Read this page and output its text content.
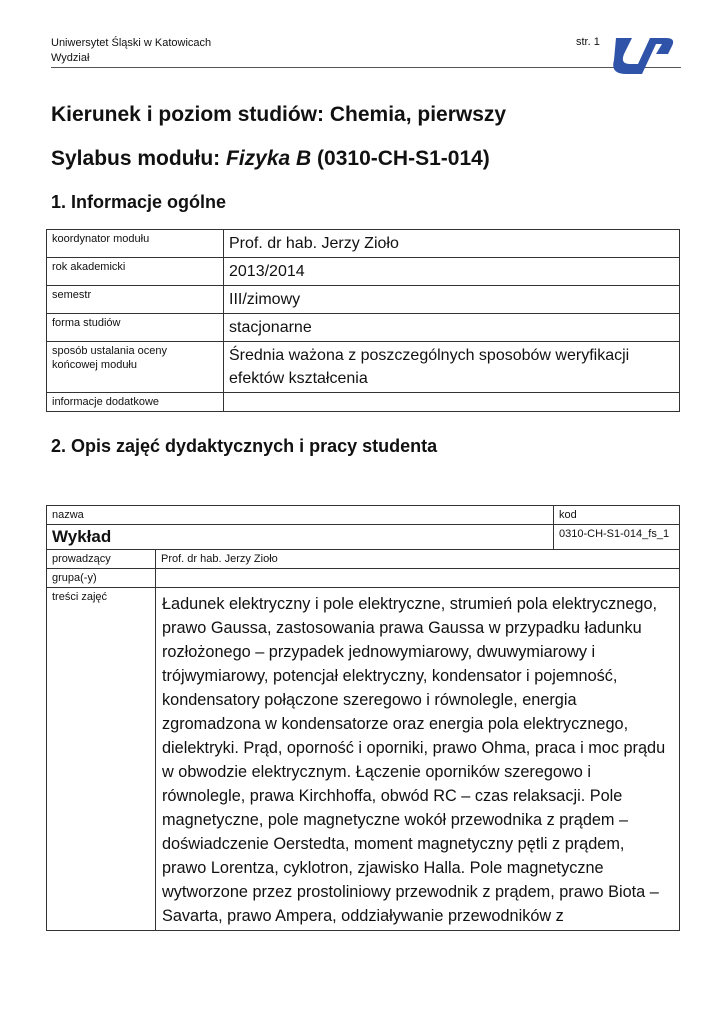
Uniwersytet Śląski w Katowicach
Wydział
str. 1
Kierunek i poziom studiów: Chemia, pierwszy
Sylabus modułu: Fizyka B (0310-CH-S1-014)
1. Informacje ogólne
koordynator modułu	Prof. dr hab. Jerzy Zioło
rok akademicki	2013/2014
semestr	III/zimowy
forma studiów	stacjonarne
sposób ustalania oceny końcowej modułu	Średnia ważona z poszczególnych sposobów weryfikacji efektów kształcenia
informacje dodatkowe	
2. Opis zajęć dydaktycznych i pracy studenta
nazwa		kod
Wykład		0310-CH-S1-014_fs_1
prowadzący	Prof. dr hab. Jerzy Zioło	
grupa(-y)		
treści zajęć	Ładunek elektryczny i pole elektryczne, strumień pola elektrycznego, prawo Gaussa, zastosowania prawa Gaussa w przypadku ładunku rozłożonego – przypadek jednowymiarowy, dwuwymiarowy i trójwymiarowy, potencjał elektryczny, kondensator i pojemność, kondensatory połączone szeregowo i równolegle, energia zgromadzona w kondensatorze oraz energia pola elektrycznego, dielektryki. Prąd, oporność i oporniki, prawo Ohma, praca i moc prądu w obwodzie elektrycznym. Łączenie oporników szeregowo i równolegle, prawa Kirchhoffa, obwód RC – czas relaksacji. Pole magnetyczne, pole magnetyczne wokół przewodnika z prądem – doświadczenie Oerstedta, moment magnetyczny pętli z prądem, prawo Lorentza, cyklotron, zjawisko Halla. Pole magnetyczne wytworzone przez prostoliniowy przewodnik z prądem, prawo Biota – Savarta, prawo Ampera, oddziaływanie przewodników z	
